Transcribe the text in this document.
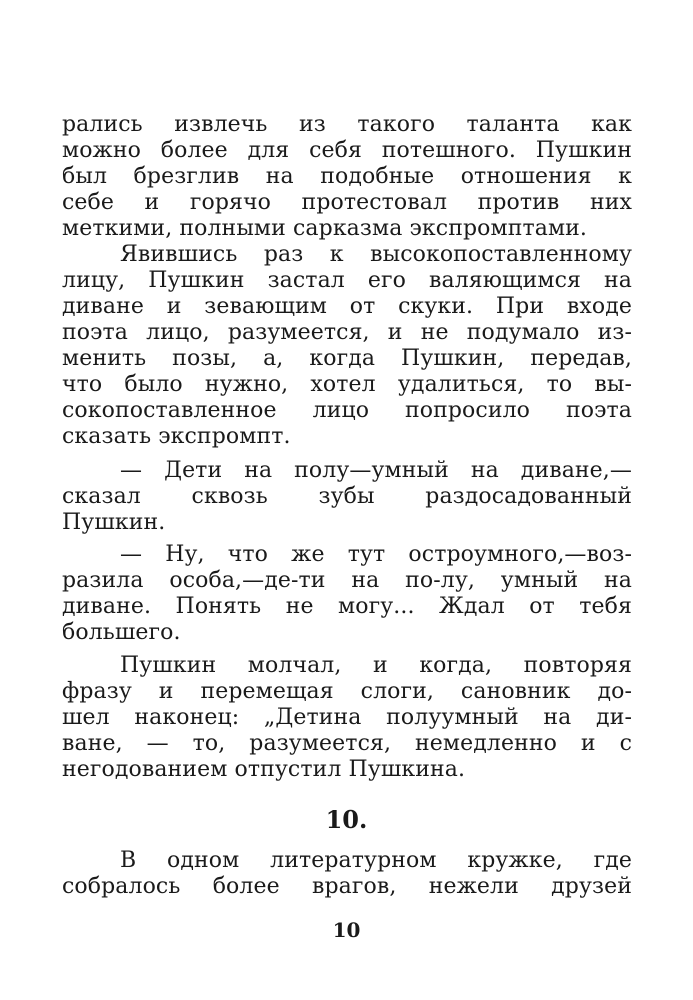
рались извлечь из такого таланта как
можно более для себя потешного. Пушкин
был брезглив на подобные отношения к
себе и горячо протестовал против них
меткими, полными сарказма экспромптами.
Явившись раз к высокопоставленному
лицу, Пушкин застал его валяющимся на
диване и зевающим от скуки. При входе
поэта лицо, разумеется, и не подумало из-
менить позы, а, когда Пушкин, передав,
что было нужно, хотел удалиться, то вы-
сокопоставленное лицо попросило поэта
сказать экспромпт.
— Дети на полу—умный на диване,—
сказал сквозь зубы раздосадованный
Пушкин.
— Ну, что же тут остроумного,—воз-
разила особа,—де-ти на по-лу, умный на
диване. Понять не могу... Ждал от тебя
большего.
Пушкин молчал, и когда, повторяя
фразу и перемещая слоги, сановник до-
шел наконец: „Детина полуумный на ди-
ване, — то, разумеется, немедленно и с
негодованием отпустил Пушкина.
10.
В одном литературном кружке, где
собралось более врагов, нежели друзей
10
